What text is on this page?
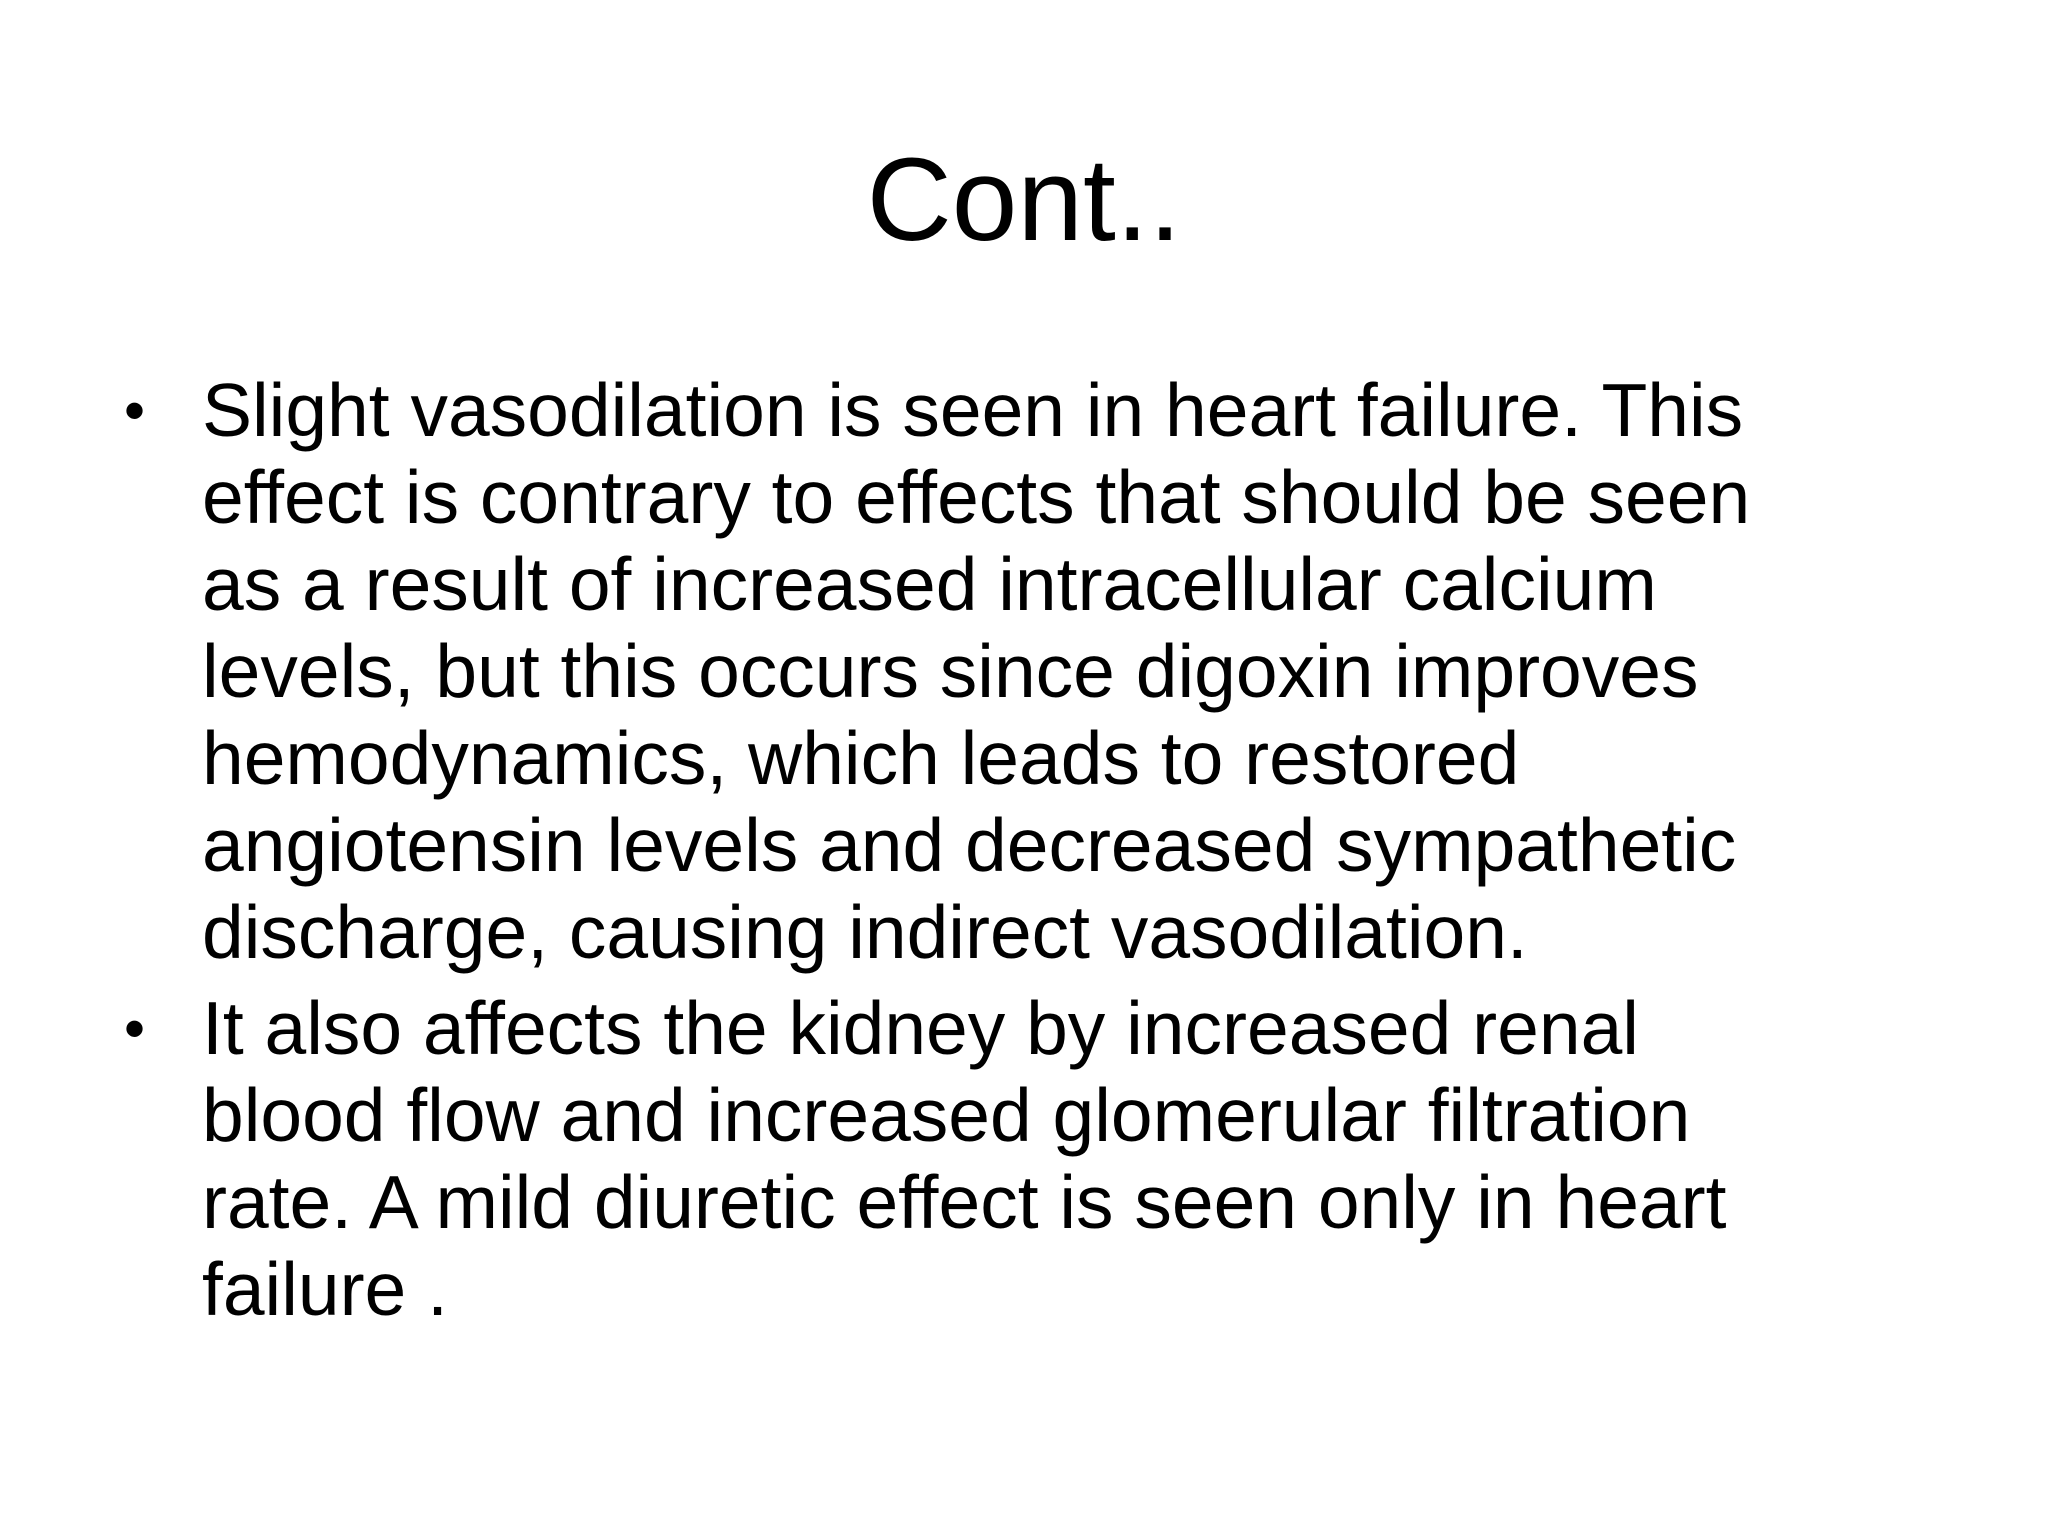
Cont..
• Slight vasodilation is seen in heart failure. This
effect is contrary to effects that should be seen
as a result of increased intracellular calcium
levels, but this occurs since digoxin improves
hemodynamics, which leads to restored
angiotensin levels and decreased sympathetic
discharge, causing indirect vasodilation.
• It also affects the kidney by increased renal
blood flow and increased glomerular filtration
rate. A mild diuretic effect is seen only in heart
failure .
